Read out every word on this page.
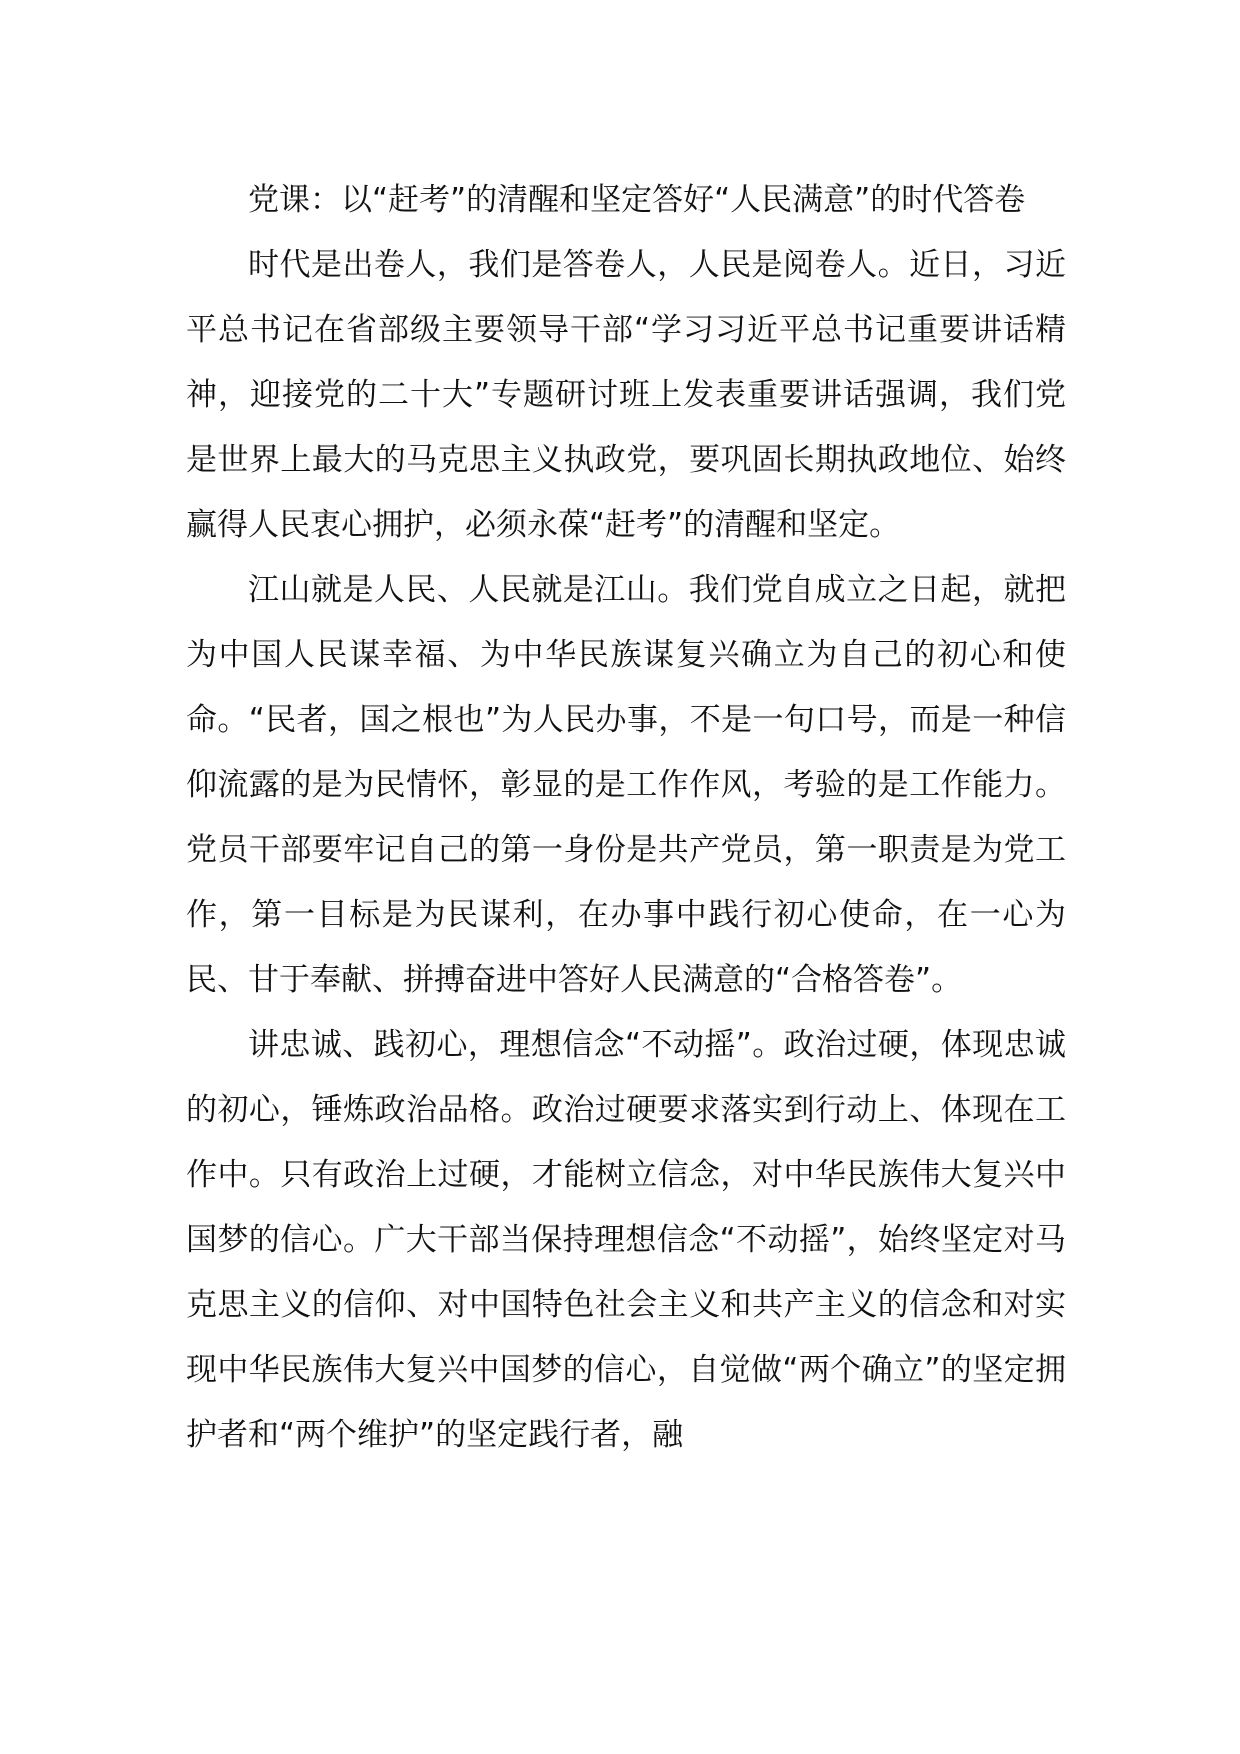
党课：以“赶考”的清醒和坚定答好“人民满意”的时代答卷

时代是出卷人，我们是答卷人，人民是阅卷人。近日，习近平总书记在省部级主要领导干部“学习习近平总书记重要讲话精神，迎接党的二十大”专题研讨班上发表重要讲话强调，我们党是世界上最大的马克思主义执政党，要巩固长期执政地位、始终赢得人民衷心拥护，必须永葆“赶考”的清醒和坚定。

江山就是人民、人民就是江山。我们党自成立之日起，就把为中国人民谋幸福、为中华民族谋复兴确立为自己的初心和使命。“民者，国之根也”为人民办事，不是一句口号，而是一种信仰流露的是为民情怀，彰显的是工作作风，考验的是工作能力。党员干部要牢记自己的第一身份是共产党员，第一职责是为党工作，第一目标是为民谋利，在办事中践行初心使命，在一心为民、甘于奉献、拼搏奋进中答好人民满意的“合格答卷”。

讲忠诚、践初心，理想信念“不动摇”。政治过硬，体现忠诚的初心，锤炼政治品格。政治过硬要求落实到行动上、体现在工作中。只有政治上过硬，才能树立信念，对中华民族伟大复兴中国梦的信心。广大干部当保持理想信念“不动摇”，始终坚定对马克思主义的信仰、对中国特色社会主义和共产主义的信念和对实现中华民族伟大复兴中国梦的信心，自觉做“两个确立”的坚定拥护者和“两个维护”的坚定践行者，融
